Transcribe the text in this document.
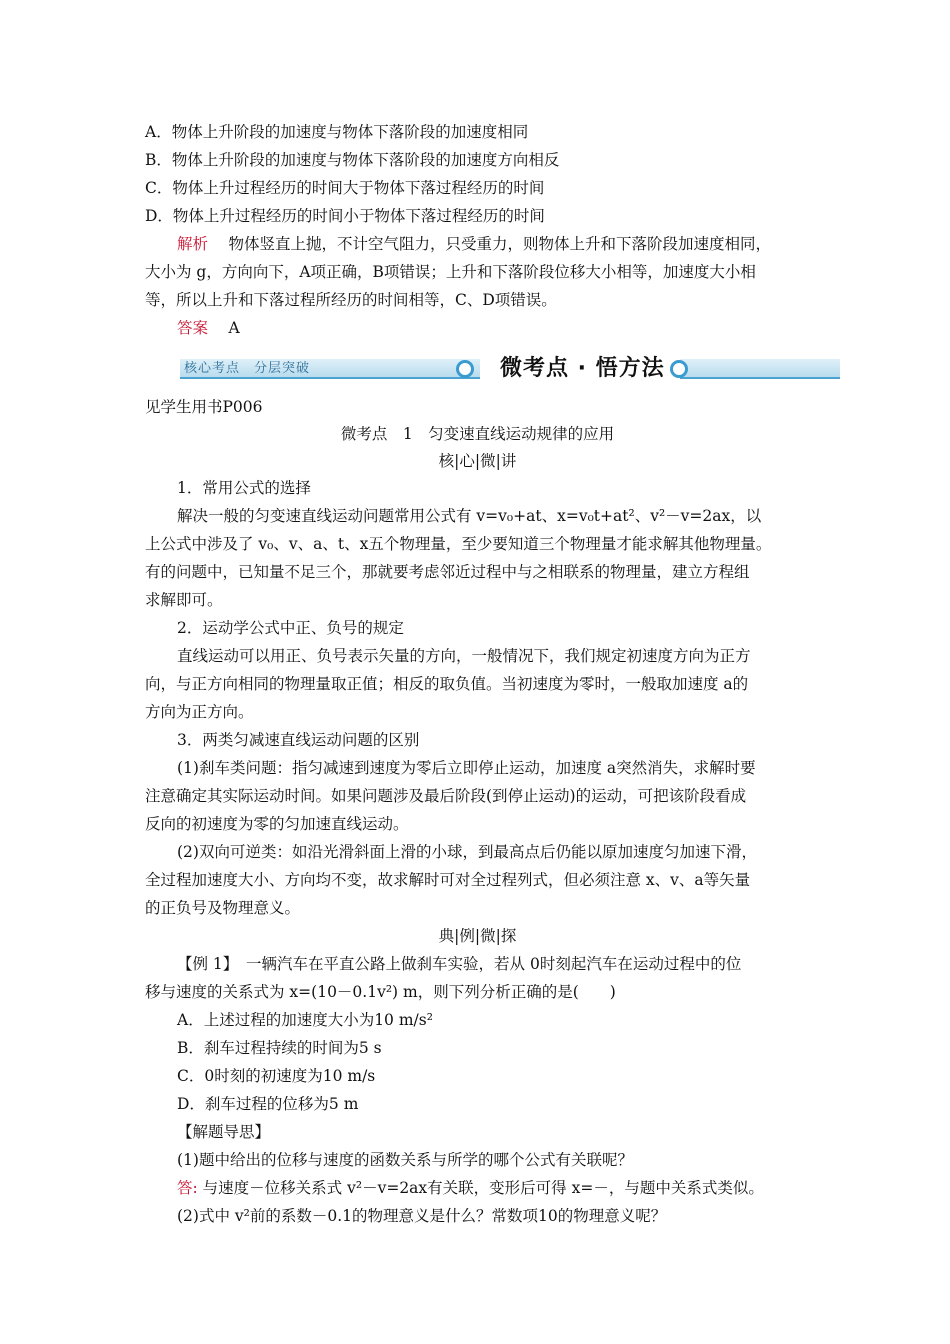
A．物体上升阶段的加速度与物体下落阶段的加速度相同
B．物体上升阶段的加速度与物体下落阶段的加速度方向相反
C．物体上升过程经历的时间大于物体下落过程经历的时间
D．物体上升过程经历的时间小于物体下落过程经历的时间
解析　 物体竖直上抛，不计空气阻力，只受重力，则物体上升和下落阶段加速度相同，
大小为 g，方向向下，A项正确，B项错误；上升和下落阶段位移大小相等，加速度大小相
等，所以上升和下落过程所经历的时间相等，C、D项错误。
答案　 A
核心考点　分层突破	微考点 · 悟方法
见学生用书P006
微考点　1　匀变速直线运动规律的应用
核|心|微|讲
1．常用公式的选择
解决一般的匀变速直线运动问题常用公式有 v=v₀+at、x=v₀t+at²、v²－v=2ax，以
上公式中涉及了 v₀、v、a、t、x五个物理量，至少要知道三个物理量才能求解其他物理量。
有的问题中，已知量不足三个，那就要考虑邻近过程中与之相联系的物理量，建立方程组
求解即可。
2．运动学公式中正、负号的规定
直线运动可以用正、负号表示矢量的方向，一般情况下，我们规定初速度方向为正方
向，与正方向相同的物理量取正值；相反的取负值。当初速度为零时，一般取加速度 a的
方向为正方向。
3．两类匀减速直线运动问题的区别
(1)刹车类问题：指匀减速到速度为零后立即停止运动，加速度 a突然消失，求解时要
注意确定其实际运动时间。如果问题涉及最后阶段(到停止运动)的运动，可把该阶段看成
反向的初速度为零的匀加速直线运动。
(2)双向可逆类：如沿光滑斜面上滑的小球，到最高点后仍能以原加速度匀加速下滑，
全过程加速度大小、方向均不变，故求解时可对全过程列式，但必须注意 x、v、a等矢量
的正负号及物理意义。
典|例|微|探
【例 1】　一辆汽车在平直公路上做刹车实验，若从 0时刻起汽车在运动过程中的位
移与速度的关系式为 x=(10－0.1v²) m，则下列分析正确的是(　　)
A．上述过程的加速度大小为10 m/s²
B．刹车过程持续的时间为5 s
C．0时刻的初速度为10 m/s
D．刹车过程的位移为5 m
【解题导思】
(1)题中给出的位移与速度的函数关系与所学的哪个公式有关联呢？
答: 与速度－位移关系式 v²－v=2ax有关联，变形后可得 x=－，与题中关系式类似。
(2)式中 v²前的系数－0.1的物理意义是什么？常数项10的物理意义呢？
